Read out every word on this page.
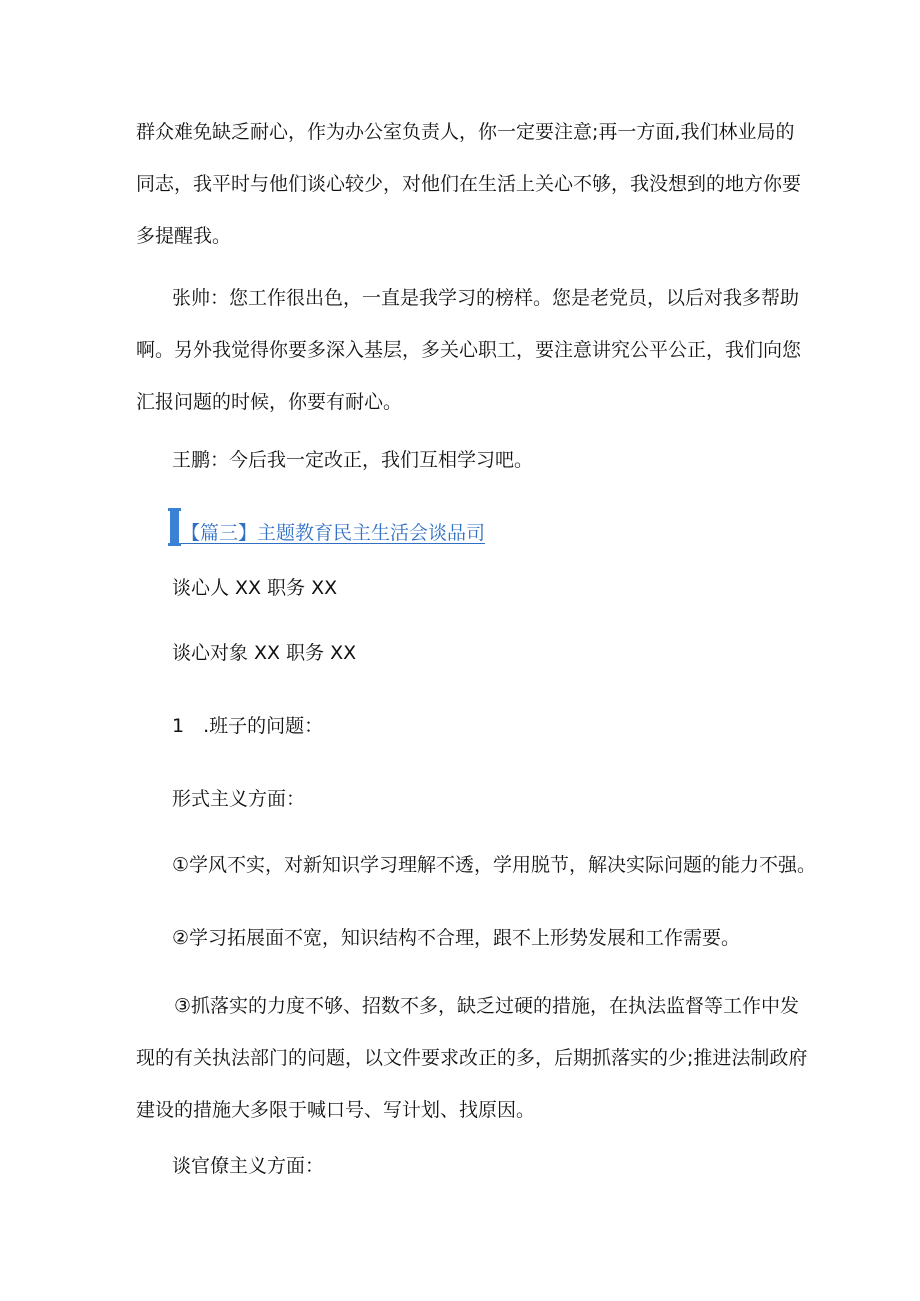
群众难免缺乏耐心，作为办公室负责人，你一定要注意;再一方面,我们林业局的
同志，我平时与他们谈心较少，对他们在生活上关心不够，我没想到的地方你要
多提醒我。
张帅：您工作很出色，一直是我学习的榜样。您是老党员，以后对我多帮助
啊。另外我觉得你要多深入基层，多关心职工，要注意讲究公平公正，我们向您
汇报问题的时候，你要有耐心。
王鹏：今后我一定改正，我们互相学习吧。
【篇三】主题教育民主生活会谈品司
谈心人 XX 职务 XX
谈心对象 XX 职务 XX
1　.班子的问题：
形式主义方面：
①学风不实，对新知识学习理解不透，学用脱节，解决实际问题的能力不强。
②学习拓展面不宽，知识结构不合理，跟不上形势发展和工作需要。
③抓落实的力度不够、招数不多，缺乏过硬的措施，在执法监督等工作中发
现的有关执法部门的问题，以文件要求改正的多，后期抓落实的少;推进法制政府
建设的措施大多限于喊口号、写计划、找原因。
谈官僚主义方面：
